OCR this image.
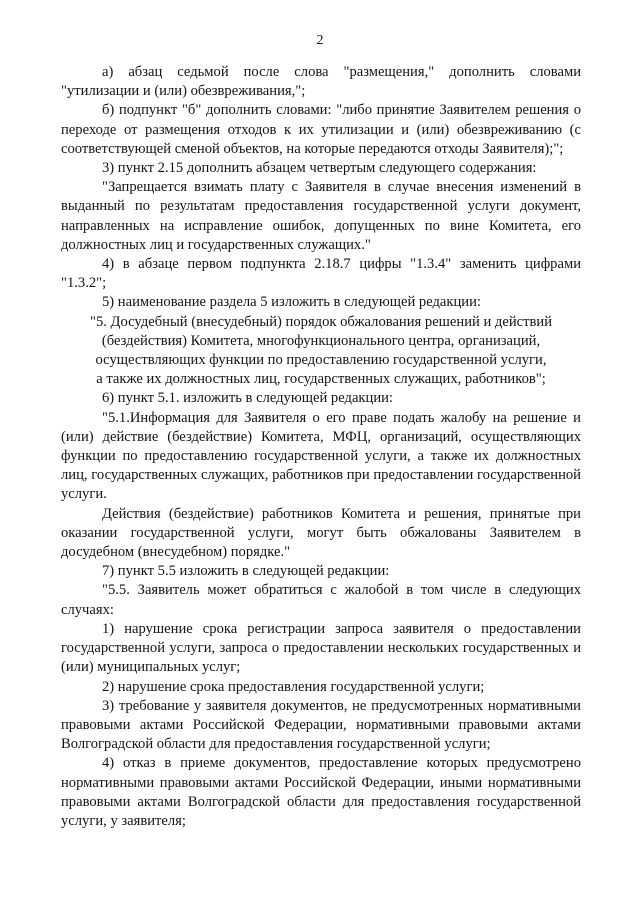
2

а) абзац седьмой после слова "размещения," дополнить словами "утилизации и (или) обезвреживания,";

б) подпункт "б" дополнить словами: "либо принятие Заявителем решения о переходе от размещения отходов к их утилизации и (или) обезвреживанию (с соответствующей сменой объектов, на которые передаются отходы Заявителя);";

3) пункт 2.15 дополнить абзацем четвертым следующего содержания:

"Запрещается взимать плату с Заявителя в случае внесения изменений в выданный по результатам предоставления государственной услуги документ, направленных на исправление ошибок, допущенных по вине Комитета, его должностных лиц и государственных служащих."

4) в абзаце первом подпункта 2.18.7 цифры "1.3.4" заменить цифрами "1.3.2";

5) наименование раздела 5 изложить в следующей редакции:

"5. Досудебный (внесудебный) порядок обжалования решений и действий

(бездействия) Комитета, многофункционального центра, организаций,

осуществляющих функции по предоставлению государственной услуги,

а также их должностных лиц, государственных служащих, работников";

6) пункт 5.1. изложить в следующей редакции:

"5.1.Информация для Заявителя о его праве подать жалобу на решение и (или) действие (бездействие) Комитета, МФЦ, организаций, осуществляющих функции по предоставлению государственной услуги, а также их должностных лиц, государственных служащих, работников при предоставлении государственной услуги.

Действия (бездействие) работников Комитета и решения, принятые при оказании государственной услуги, могут быть обжалованы Заявителем в досудебном (внесудебном) порядке."

7) пункт 5.5 изложить в следующей редакции:

"5.5. Заявитель может обратиться с жалобой в том числе в следующих случаях:

1) нарушение срока регистрации запроса заявителя о предоставлении государственной услуги, запроса о предоставлении нескольких государственных и (или) муниципальных услуг;

2) нарушение срока предоставления государственной услуги;

3) требование у заявителя документов, не предусмотренных нормативными правовыми актами Российской Федерации, нормативными правовыми актами Волгоградской области для предоставления государственной услуги;

4) отказ в приеме документов, предоставление которых предусмотрено нормативными правовыми актами Российской Федерации, иными нормативными правовыми актами Волгоградской области для предоставления государственной услуги, у заявителя;
